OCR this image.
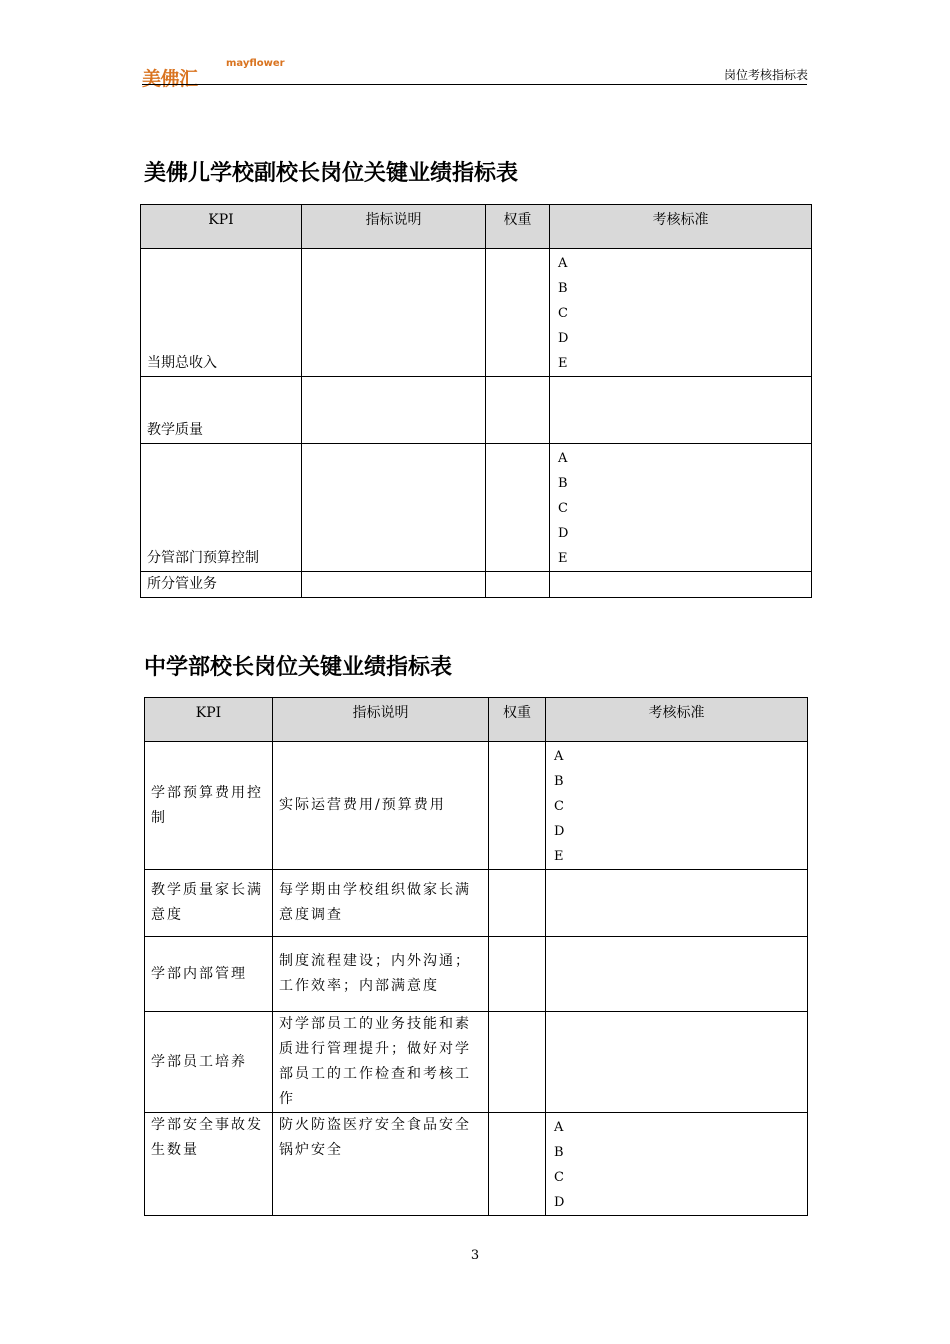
mayflower
美佛汇	岗位考核指标表
美佛儿学校副校长岗位关键业绩指标表
KPI	指标说明	权重	考核标准
当期总收入			A
B
C
D
E

教学质量			
分管部门预算控制			A
B
C
D
E

所分管业务			
中学部校长岗位关键业绩指标表
KPI	指标说明	权重	考核标准
学部预算费用控制	实际运营费用/预算费用		A
B
C
D
E

教学质量家长满意度	每学期由学校组织做家长满意度调查		
学部内部管理	制度流程建设；内外沟通；工作效率；内部满意度		
学部员工培养	对学部员工的业务技能和素质进行管理提升；做好对学部员工的工作检查和考核工作		
学部安全事故发生数量	防火防盗医疗安全食品安全锅炉安全		A
B
C
D
3
